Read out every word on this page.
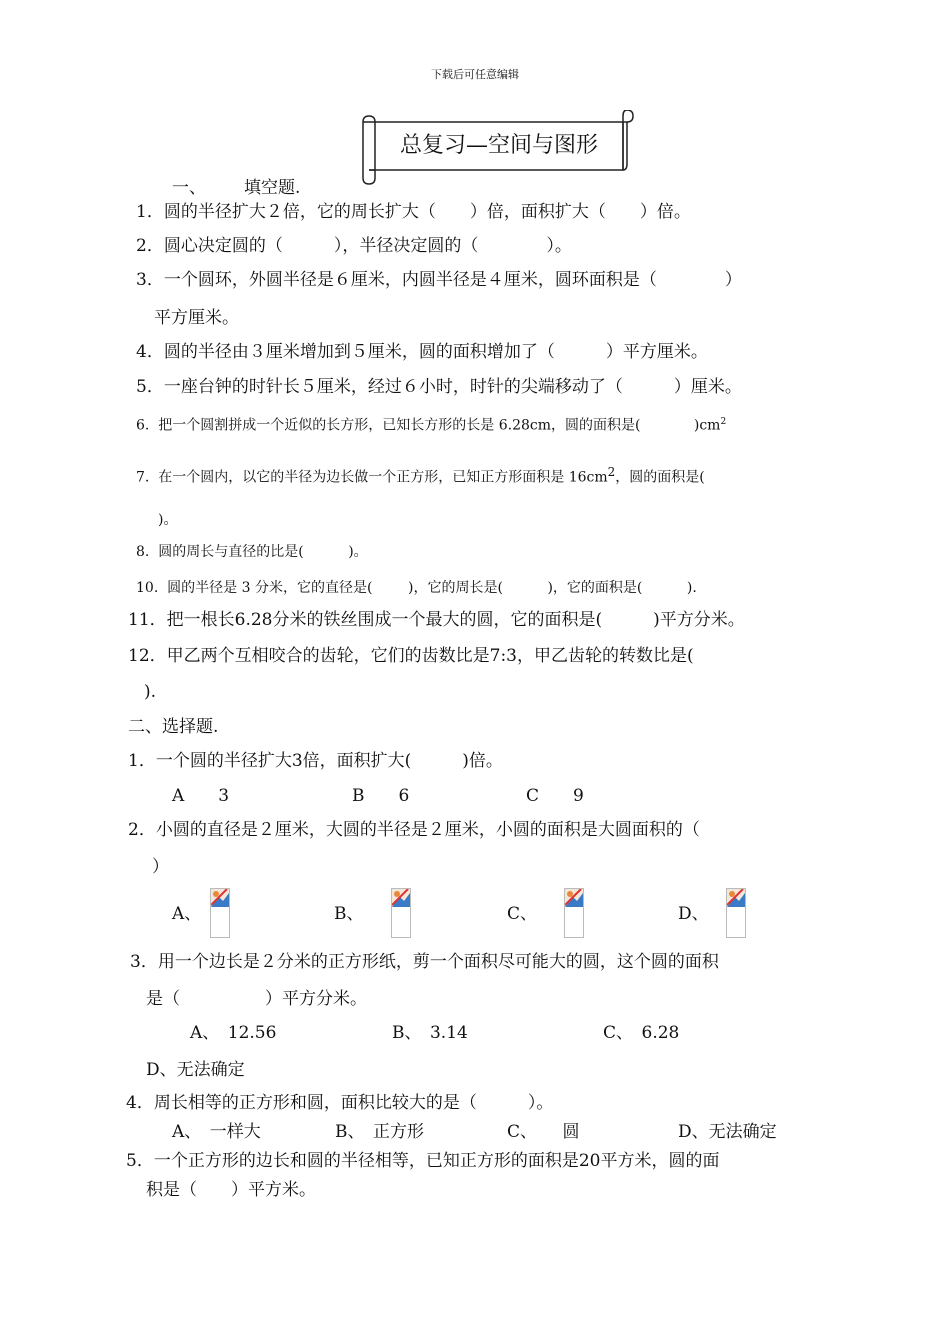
下载后可任意编辑
总复习—空间与图形
一、 填空题.
1．圆的半径扩大２倍，它的周长扩大（　　）倍，面积扩大（　　）倍。
2．圆心决定圆的（　　　），半径决定圆的（　　　　）。
3．一个圆环，外圆半径是６厘米，内圆半径是４厘米，圆环面积是（　　　　）
平方厘米。
4．圆的半径由３厘米增加到５厘米，圆的面积增加了（　　　）平方厘米。
5．一座台钟的时针长５厘米，经过６小时，时针的尖端移动了（　　　）厘米。
6.  把一个圆割拼成一个近似的长方形，已知长方形的长是 6.28cm，圆的面积是(            )$cm^2$
7.  在一个圆内，以它的半径为边长做一个正方形，已知正方形面积是 16cm2，圆的面积是(
)。
8.  圆的周长与直径的比是(          )。
10.  圆的半径是 3 分米，它的直径是(        )，它的周长是(          )，它的面积是(          ).
11．把一根长6.28分米的铁丝围成一个最大的圆，它的面积是(　　　)平方分米。
12．甲乙两个互相咬合的齿轮，它们的齿数比是7:3，甲乙齿轮的转数比是(
).
二、选择题.
1．一个圆的半径扩大3倍，面积扩大(　　　)倍。
A　　3	B　　6	C　　9
2．小圆的直径是２厘米，大圆的半径是２厘米，小圆的面积是大圆面积的（
）
A、	B、	C、	D、
3．用一个边长是２分米的正方形纸，剪一个面积尽可能大的圆，这个圆的面积
是（　　　　　）平方分米。
A、　12.56	B、　3.14	C、　6.28
D、无法确定
4．周长相等的正方形和圆，面积比较大的是（　　　）。
A、　一样大	B、　正方形	C、　　圆	D、无法确定
5．一个正方形的边长和圆的半径相等，已知正方形的面积是20平方米，圆的面
积是（　　）平方米。
